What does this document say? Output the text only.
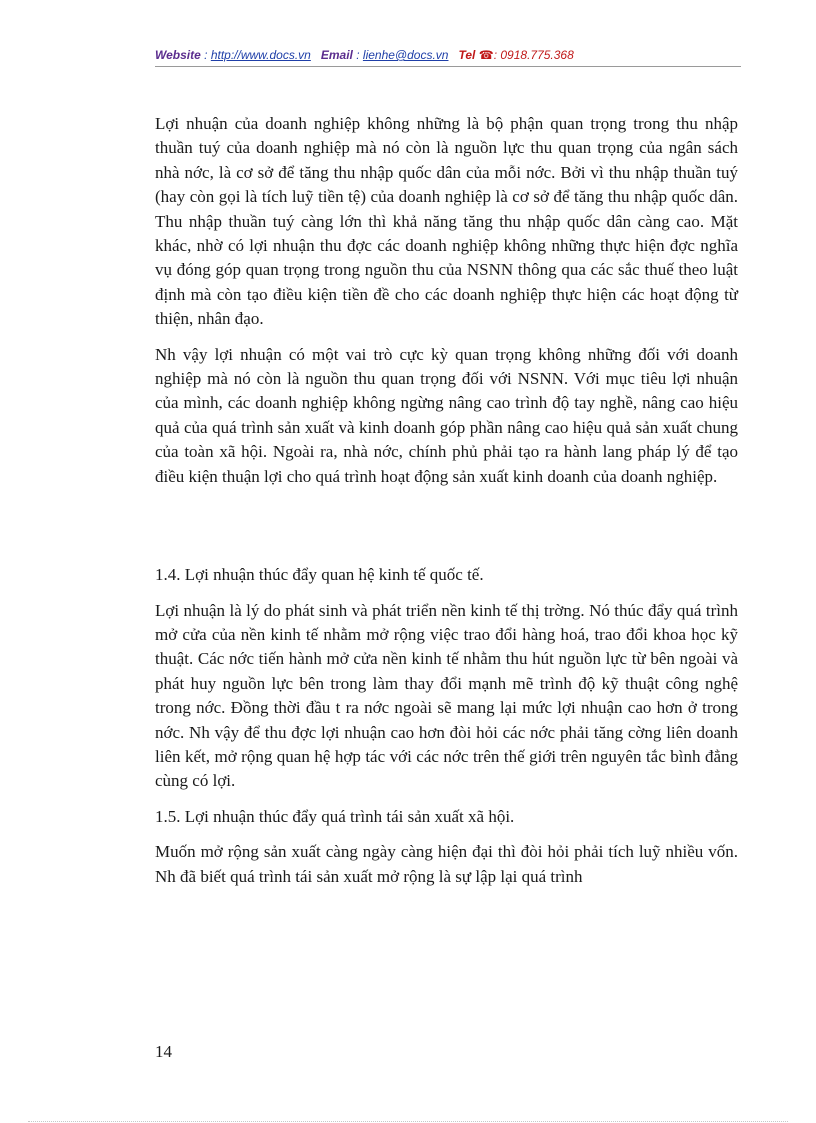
Website : http://www.docs.vn Email : lienhe@docs.vn Tel ☎: 0918.775.368

Lợi nhuận của doanh nghiệp không những là bộ phận quan trọng trong thu nhập thuần tuý của doanh nghiệp mà nó còn là nguồn lực thu quan trọng của ngân sách nhà nớc, là cơ sở để tăng thu nhập quốc dân của mỗi nớc. Bởi vì thu nhập thuần tuý (hay còn gọi là tích luỹ tiền tệ) của doanh nghiệp là cơ sở để tăng thu nhập quốc dân. Thu nhập thuần tuý càng lớn thì khả năng tăng thu nhập quốc dân càng cao. Mặt khác, nhờ có lợi nhuận thu đợc các doanh nghiệp không những thực hiện đợc nghĩa vụ đóng góp quan trọng trong nguồn thu của NSNN thông qua các sắc thuế theo luật định mà còn tạo điều kiện tiền đề cho các doanh nghiệp thực hiện các hoạt động từ thiện, nhân đạo.

Nh vậy lợi nhuận có một vai trò cực kỳ quan trọng không những đối với doanh nghiệp mà nó còn là nguồn thu quan trọng đối với NSNN. Với mục tiêu lợi nhuận của mình, các doanh nghiệp không ngừng nâng cao trình độ tay nghề, nâng cao hiệu quả của quá trình sản xuất và kinh doanh góp phần nâng cao hiệu quả sản xuất chung của toàn xã hội. Ngoài ra, nhà nớc, chính phủ phải tạo ra hành lang pháp lý để tạo điều kiện thuận lợi cho quá trình hoạt động sản xuất kinh doanh của doanh nghiệp.

1.4. Lợi nhuận thúc đẩy quan hệ kinh tế quốc tế.

Lợi nhuận là lý do phát sinh và phát triển nền kinh tế thị trờng. Nó thúc đẩy quá trình mở cửa của nền kinh tế nhằm mở rộng việc trao đổi hàng hoá, trao đổi khoa học kỹ thuật. Các nớc tiến hành mở cửa nền kinh tế nhằm thu hút nguồn lực từ bên ngoài và phát huy nguồn lực bên trong làm thay đổi mạnh mẽ trình độ kỹ thuật công nghệ trong nớc. Đồng thời đầu t ra nớc ngoài sẽ mang lại mức lợi nhuận cao hơn ở trong nớc. Nh vậy để thu đợc lợi nhuận cao hơn đòi hỏi các nớc phải tăng cờng liên doanh liên kết, mở rộng quan hệ hợp tác với các nớc trên thế giới trên nguyên tắc bình đẳng cùng có lợi.

1.5. Lợi nhuận thúc đẩy quá trình tái sản xuất xã hội.

Muốn mở rộng sản xuất càng ngày càng hiện đại thì đòi hỏi phải tích luỹ nhiều vốn. Nh đã biết quá trình tái sản xuất mở rộng là sự lập lại quá trình

14
